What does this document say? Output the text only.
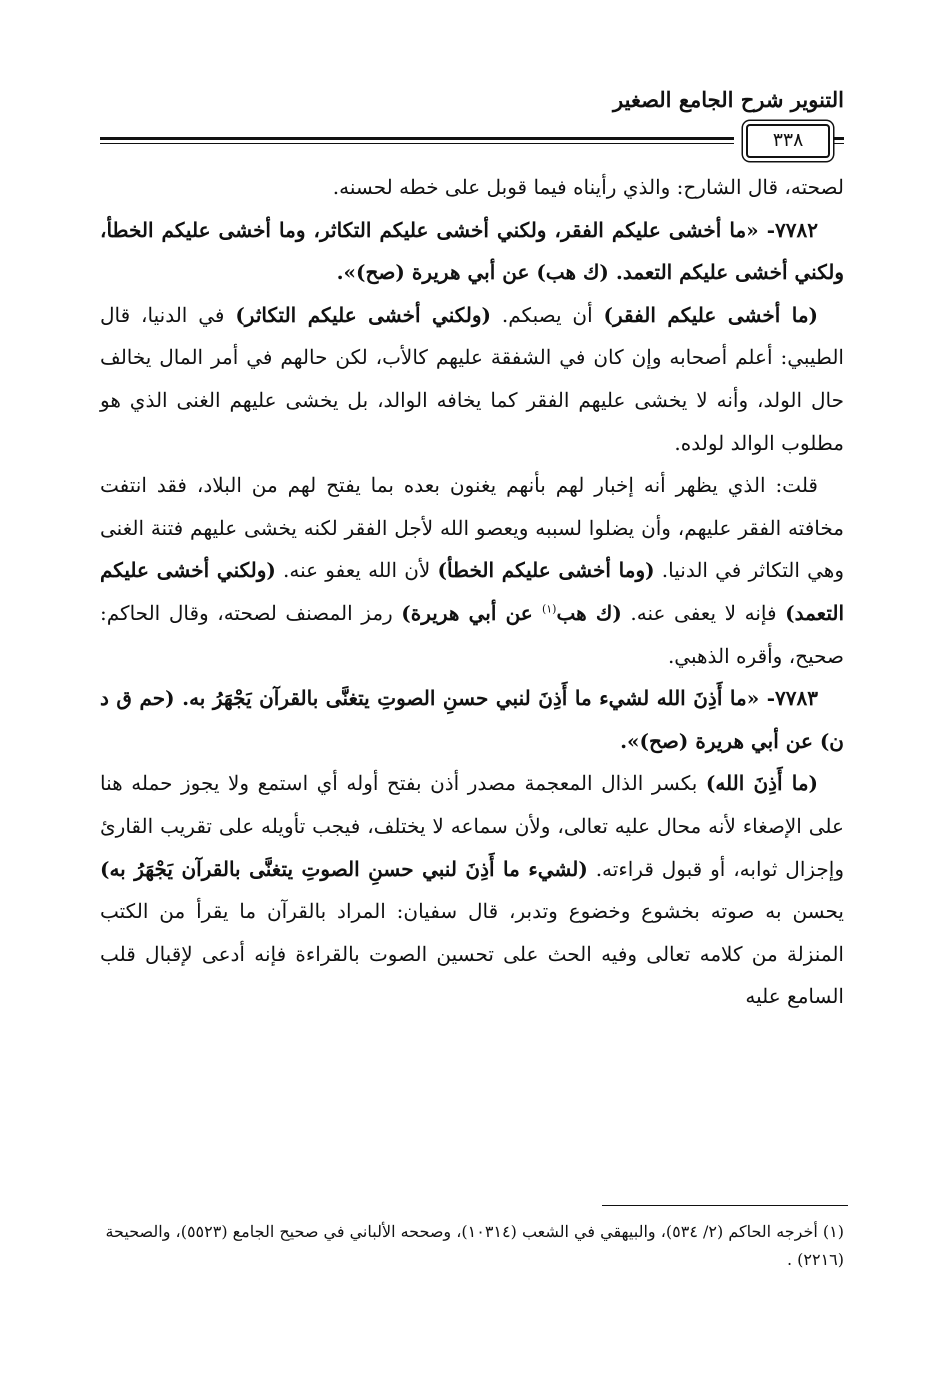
التنوير شرح الجامع الصغير
٣٣٨

لصحته، قال الشارح: والذي رأيناه فيما قوبل على خطه لحسنه.

٧٧٨٢- «ما أخشى عليكم الفقر، ولكني أخشى عليكم التكاثر، وما أخشى عليكم الخطأ، ولكني أخشى عليكم التعمد. (ك هب) عن أبي هريرة (صح)».

(ما أخشى عليكم الفقر) أن يصبكم. (ولكني أخشى عليكم التكاثر) في الدنيا، قال الطيبي: أعلم أصحابه وإن كان في الشفقة عليهم كالأب، لكن حالهم في أمر المال يخالف حال الولد، وأنه لا يخشى عليهم الفقر كما يخافه الوالد، بل يخشى عليهم الغنى الذي هو مطلوب الوالد لولده.

قلت: الذي يظهر أنه إخبار لهم بأنهم يغنون بعده بما يفتح لهم من البلاد، فقد انتفت مخافته الفقر عليهم، وأن يضلوا لسببه ويعصو الله لأجل الفقر لكنه يخشى عليهم فتنة الغنى وهي التكاثر في الدنيا. (وما أخشى عليكم الخطأ) لأن الله يعفو عنه. (ولكني أخشى عليكم التعمد) فإنه لا يعفى عنه. (ك هب$^{(١)}$ عن أبي هريرة) رمز المصنف لصحته، وقال الحاكم: صحيح، وأقره الذهبي.

٧٧٨٣- «ما أَذِنَ الله لشيء ما أَذِنَ لنبي حسنِ الصوتِ يتغنَّى بالقرآن يَجْهَرُ به. (حم ق د ن) عن أبي هريرة (صح)».

(ما أَذِنَ الله) بكسر الذال المعجمة مصدر أذن بفتح أوله أي استمع ولا يجوز حمله هنا على الإصغاء لأنه محال عليه تعالى، ولأن سماعه لا يختلف، فيجب تأويله على تقريب القارئ وإجزال ثوابه، أو قبول قراءته. (لشيء ما أَذِنَ لنبي حسنِ الصوتِ يتغنَّى بالقرآن يَجْهَرُ به) يحسن به صوته بخشوع وخضوع وتدبر، قال سفيان: المراد بالقرآن ما يقرأ من الكتب المنزلة من كلامه تعالى وفيه الحث على تحسين الصوت بالقراءة فإنه أدعى لإقبال قلب السامع عليه

(١) أخرجه الحاكم (٢/ ٥٣٤)، والبيهقي في الشعب (١٠٣١٤)، وصححه الألباني في صحيح الجامع (٥٥٢٣)، والصحيحة (٢٢١٦) .
